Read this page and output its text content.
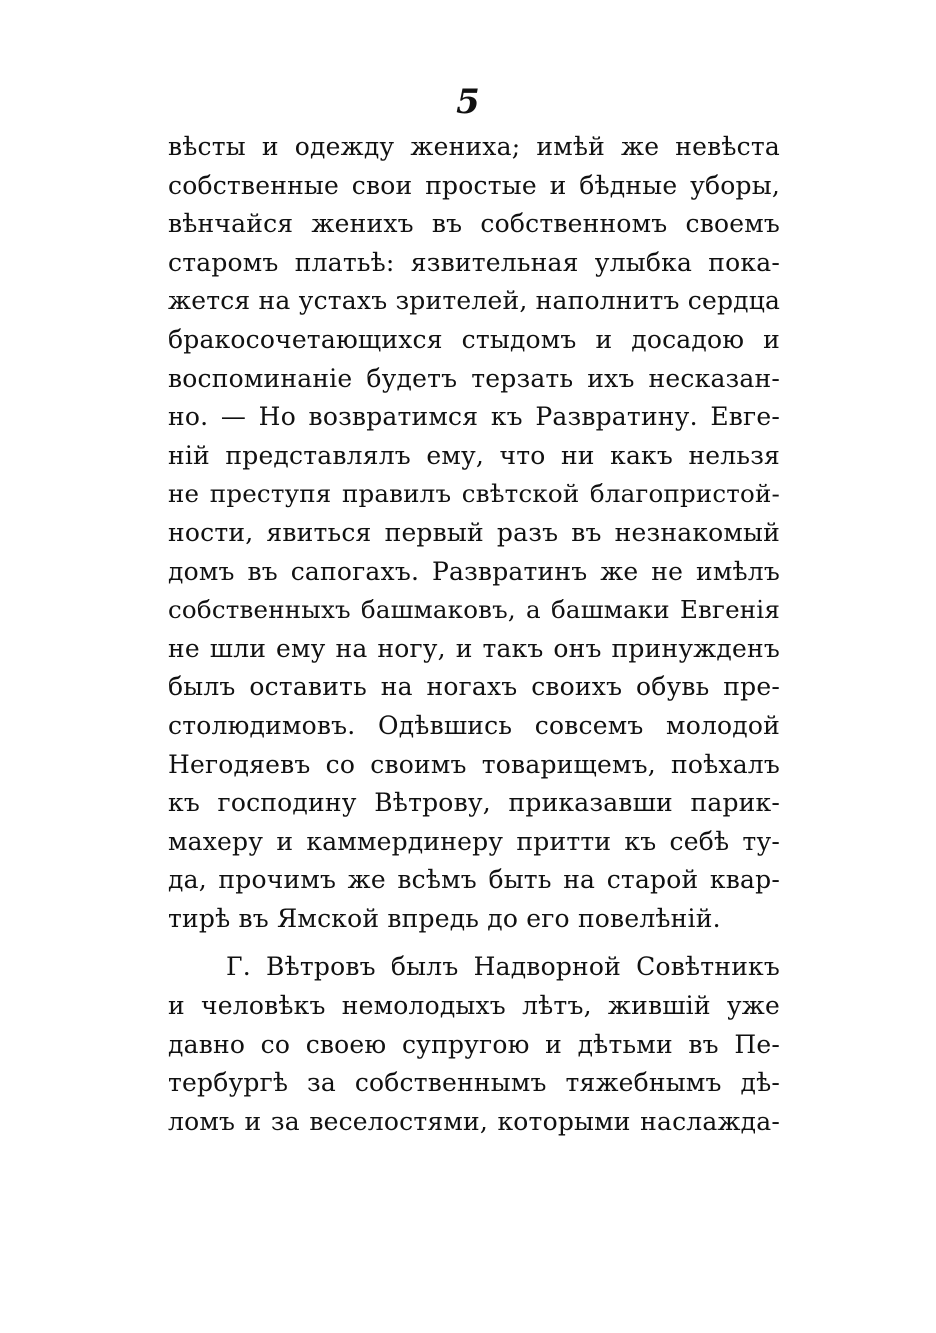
5
вѣсты и одежду жениха; имѣй же невѣста
собственные свои простые и бѣдные уборы,
вѣнчайся женихъ въ собственномъ своемъ
старомъ платьѣ: язвительная улыбка пока-
жется на устахъ зрителей, наполнитъ сердца
бракосочетающихся стыдомъ и досадою и
воспоминаніе будетъ терзать ихъ несказан-
но. — Но возвратимся къ Развратину. Евге-
ній представлялъ ему, что ни какъ нельзя
не преступя правилъ свѣтской благопристой-
ности, явиться первый разъ въ незнакомый
домъ въ сапогахъ. Развратинъ же не имѣлъ
собственныхъ башмаковъ, а башмаки Евгенія
не шли ему на ногу, и такъ онъ принужденъ
былъ оставить на ногахъ своихъ обувь пре-
столюдимовъ. Одѣвшись совсемъ молодой
Негодяевъ со своимъ товарищемъ, поѣхалъ
къ господину Вѣтрову, приказавши парик-
махеру и каммердинеру притти къ себѣ ту-
да, прочимъ же всѣмъ быть на старой квар-
тирѣ въ Ямской впредь до его повелѣній.
Г. Вѣтровъ былъ Надворной Совѣтникъ
и человѣкъ немолодыхъ лѣтъ, жившій уже
давно со своею супругою и дѣтьми въ Пе-
тербургѣ за собственнымъ тяжебнымъ дѣ-
ломъ и за веселостями, которыми наслажда-
